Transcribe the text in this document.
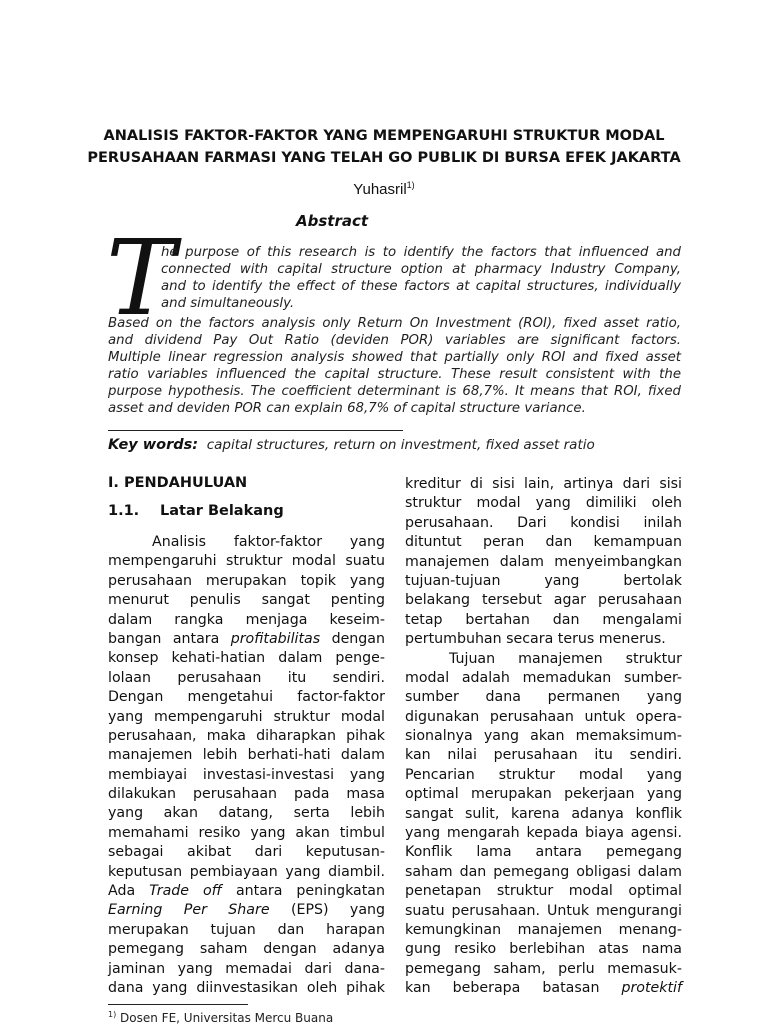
ANALISIS FAKTOR-FAKTOR YANG MEMPENGARUHI STRUKTUR MODAL
PERUSAHAAN FARMASI YANG TELAH GO PUBLIK DI BURSA EFEK JAKARTA
Yuhasril$^{1)}$
Abstract
T
he purpose of this research is to identify the factors that influenced and
connected with capital structure option at pharmacy Industry Company,
and to identify the effect of these factors at capital structures, individually
and simultaneously.
Based on the factors analysis only Return On Investment (ROI), fixed asset ratio,
and dividend Pay Out Ratio (deviden POR) variables are significant factors.
Multiple linear regression analysis showed that partially only ROI and fixed asset
ratio variables influenced the capital structure. These result consistent with the
purpose hypothesis. The coefficient determinant is 68,7%. It means that ROI, fixed
asset and deviden POR can explain 68,7% of capital structure variance.
Key words: capital structures, return on investment, fixed asset ratio
I. PENDAHULUAN
1.1. Latar Belakang
Analisis faktor-faktor yang
mempengaruhi struktur modal suatu
perusahaan merupakan topik yang
menurut penulis sangat penting
dalam rangka menjaga keseim-
bangan antara profitabilitas dengan
konsep kehati-hatian dalam penge-
lolaan perusahaan itu sendiri.
Dengan mengetahui factor-faktor
yang mempengaruhi struktur modal
perusahaan, maka diharapkan pihak
manajemen lebih berhati-hati dalam
membiayai investasi-investasi yang
dilakukan perusahaan pada masa
yang akan datang, serta lebih
memahami resiko yang akan timbul
sebagai akibat dari keputusan-
keputusan pembiayaan yang diambil.
Ada Trade off antara peningkatan
Earning Per Share (EPS) yang
merupakan tujuan dan harapan
pemegang saham dengan adanya
jaminan yang memadai dari dana-
dana yang diinvestasikan oleh pihak
kreditur di sisi lain, artinya dari sisi
struktur modal yang dimiliki oleh
perusahaan. Dari kondisi inilah
dituntut peran dan kemampuan
manajemen dalam menyeimbangkan
tujuan-tujuan yang bertolak
belakang tersebut agar perusahaan
tetap bertahan dan mengalami
pertumbuhan secara terus menerus.
Tujuan manajemen struktur
modal adalah memadukan sumber-
sumber dana permanen yang
digunakan perusahaan untuk opera-
sionalnya yang akan memaksimum-
kan nilai perusahaan itu sendiri.
Pencarian struktur modal yang
optimal merupakan pekerjaan yang
sangat sulit, karena adanya konflik
yang mengarah kepada biaya agensi.
Konflik lama antara pemegang
saham dan pemegang obligasi dalam
penetapan struktur modal optimal
suatu perusahaan. Untuk mengurangi
kemungkinan manajemen menang-
gung resiko berlebihan atas nama
pemegang saham, perlu memasuk-
kan beberapa batasan protektif
$^{1)}$ Dosen FE, Universitas Mercu Buana
